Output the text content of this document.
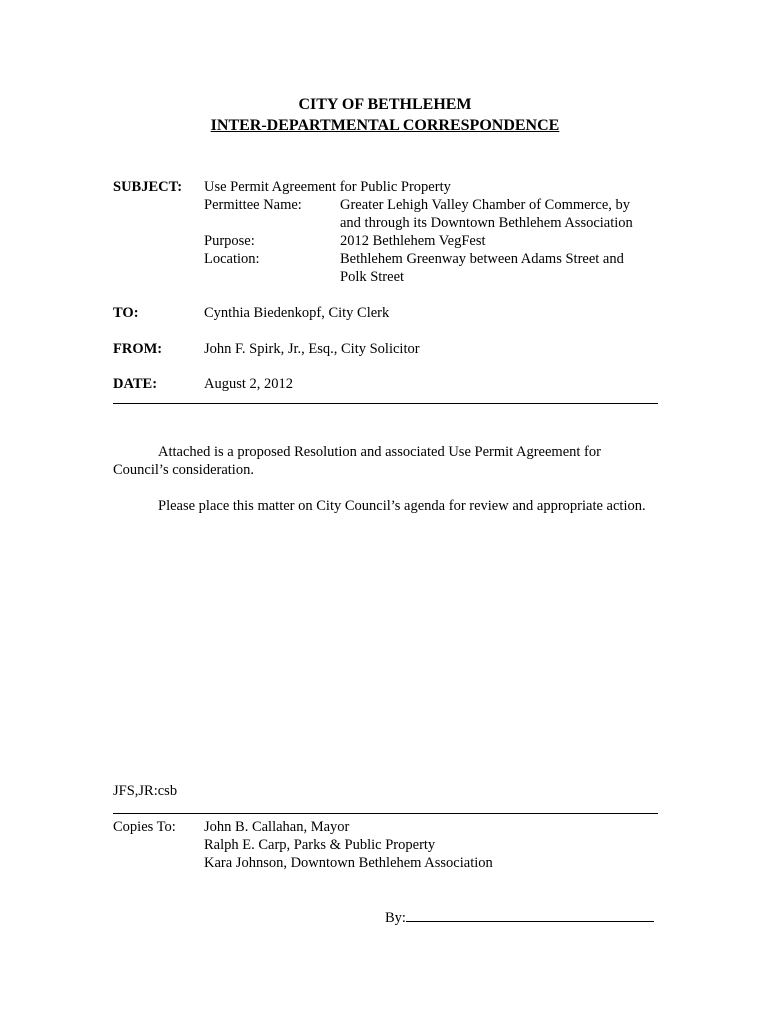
CITY OF BETHLEHEM
INTER-DEPARTMENTAL CORRESPONDENCE
SUBJECT: Use Permit Agreement for Public Property
Permittee Name:	Greater Lehigh Valley Chamber of Commerce, by
and through its Downtown Bethlehem Association
Purpose:	2012 Bethlehem VegFest
Location:	Bethlehem Greenway between Adams Street and
Polk Street
TO:	Cynthia Biedenkopf, City Clerk
FROM:	John F. Spirk, Jr., Esq., City Solicitor
DATE:	August 2, 2012
Attached is a proposed Resolution and associated Use Permit Agreement for Council’s consideration.
Please place this matter on City Council’s agenda for review and appropriate action.
JFS,JR:csb
Copies To: John B. Callahan, Mayor
Ralph E. Carp, Parks & Public Property
Kara Johnson, Downtown Bethlehem Association
By:
